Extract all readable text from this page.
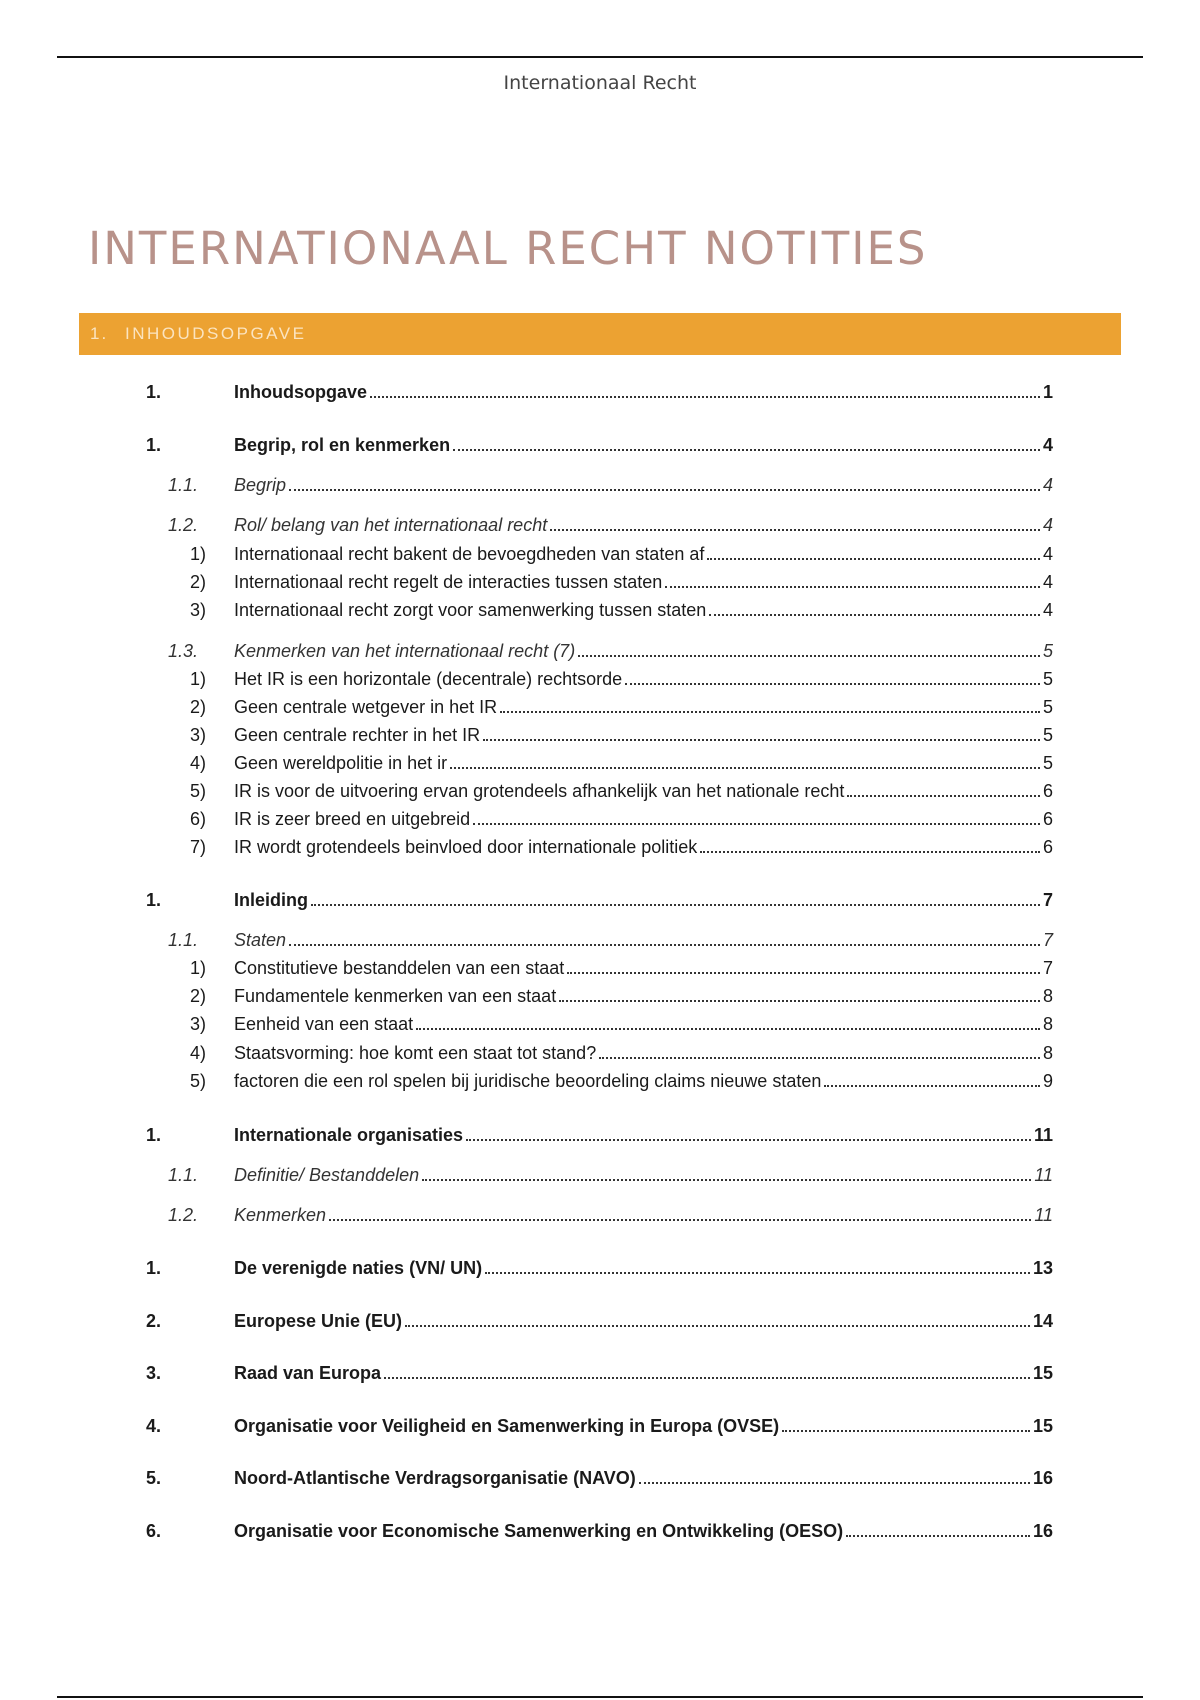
Internationaal Recht
INTERNATIONAAL RECHT NOTITIES
1. INHOUDSOPGAVE
1.	Inhoudsopgave	1
1.	Begrip, rol en kenmerken	4
1.1. Begrip	4
1.2. Rol/ belang van het internationaal recht	4
1) Internationaal recht bakent de bevoegdheden van staten af	4
2) Internationaal recht regelt de interacties tussen staten	4
3) Internationaal recht zorgt voor samenwerking tussen staten	4
1.3. Kenmerken van het internationaal recht (7)	5
1) Het IR is een horizontale (decentrale) rechtsorde	5
2) Geen centrale wetgever in het IR	5
3) Geen centrale rechter in het IR	5
4) Geen wereldpolitie in het ir	5
5) IR is voor de uitvoering ervan grotendeels afhankelijk van het nationale recht	6
6) IR is zeer breed en uitgebreid	6
7) IR wordt grotendeels beinvloed door internationale politiek	6
1.	Inleiding	7
1.1. Staten	7
1) Constitutieve bestanddelen van een staat	7
2) Fundamentele kenmerken van een staat	8
3) Eenheid van een staat	8
4) Staatsvorming: hoe komt een staat tot stand?	8
5) factoren die een rol spelen bij juridische beoordeling claims nieuwe staten	9
1.	Internationale organisaties	11
1.1. Definitie/ Bestanddelen	11
1.2. Kenmerken	11
1.	De verenigde naties (VN/ UN)	13
2.	Europese Unie (EU)	14
3.	Raad van Europa	15
4.	Organisatie voor Veiligheid en Samenwerking in Europa (OVSE)	15
5.	Noord-Atlantische Verdragsorganisatie (NAVO)	16
6.	Organisatie voor Economische Samenwerking en Ontwikkeling (OESO)	16
